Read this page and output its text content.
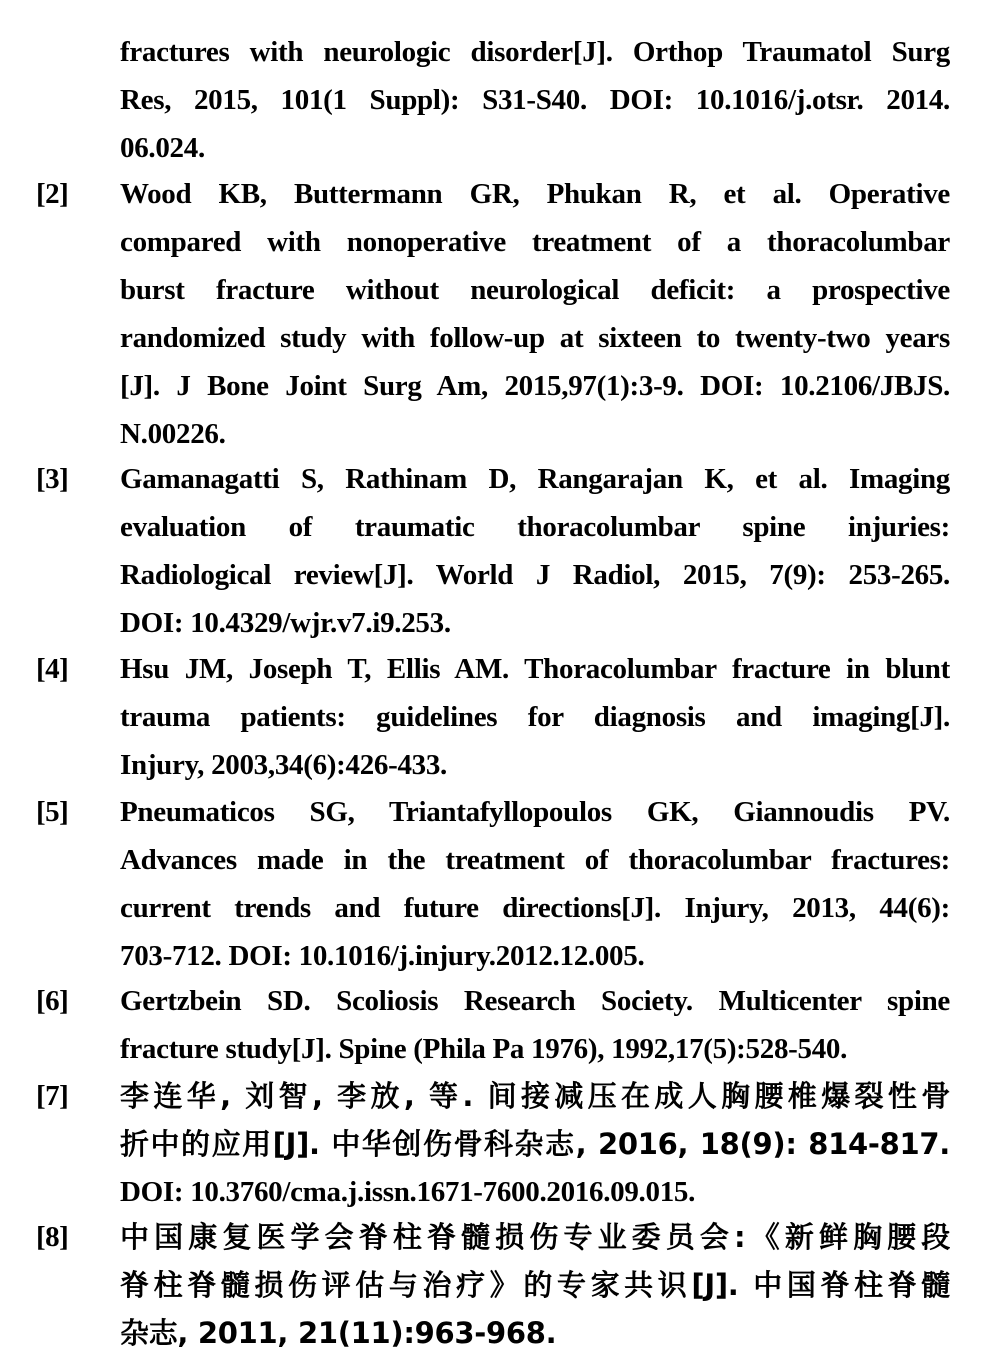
fractures with neurologic disorder[J]. Orthop Traumatol Surg
Res, 2015, 101(1 Suppl): S31-S40. DOI: 10.1016/j.otsr. 2014.
06.024.
[2] Wood KB, Buttermann GR, Phukan R, et al. Operative
compared with nonoperative treatment of a thoracolumbar
burst fracture without neurological deficit: a prospective
randomized study with follow-up at sixteen to twenty-two years
[J]. J Bone Joint Surg Am, 2015,97(1):3-9. DOI: 10.2106/JBJS.
N.00226.
[3] Gamanagatti S, Rathinam D, Rangarajan K, et al. Imaging
evaluation of traumatic thoracolumbar spine injuries:
Radiological review[J]. World J Radiol, 2015, 7(9): 253-265.
DOI: 10.4329/wjr.v7.i9.253.
[4] Hsu JM, Joseph T, Ellis AM. Thoracolumbar fracture in blunt
trauma patients: guidelines for diagnosis and imaging[J].
Injury, 2003,34(6):426-433.
[5] Pneumaticos SG, Triantafyllopoulos GK, Giannoudis PV.
Advances made in the treatment of thoracolumbar fractures:
current trends and future directions[J]. Injury, 2013, 44(6):
703-712. DOI: 10.1016/j.injury.2012.12.005.
[6] Gertzbein SD. Scoliosis Research Society. Multicenter spine
fracture study[J]. Spine (Phila Pa 1976), 1992,17(5):528-540.
[7] 李连华, 刘智, 李放, 等. 间接减压在成人胸腰椎爆裂性骨
折中的应用[J]. 中华创伤骨科杂志, 2016, 18(9): 814-817.
DOI: 10.3760/cma.j.issn.1671-7600.2016.09.015.
[8] 中国康复医学会脊柱脊髓损伤专业委员会:《新鲜胸腰段
脊柱脊髓损伤评估与治疗》的专家共识[J]. 中国脊柱脊髓
杂志, 2011, 21(11):963-968.
